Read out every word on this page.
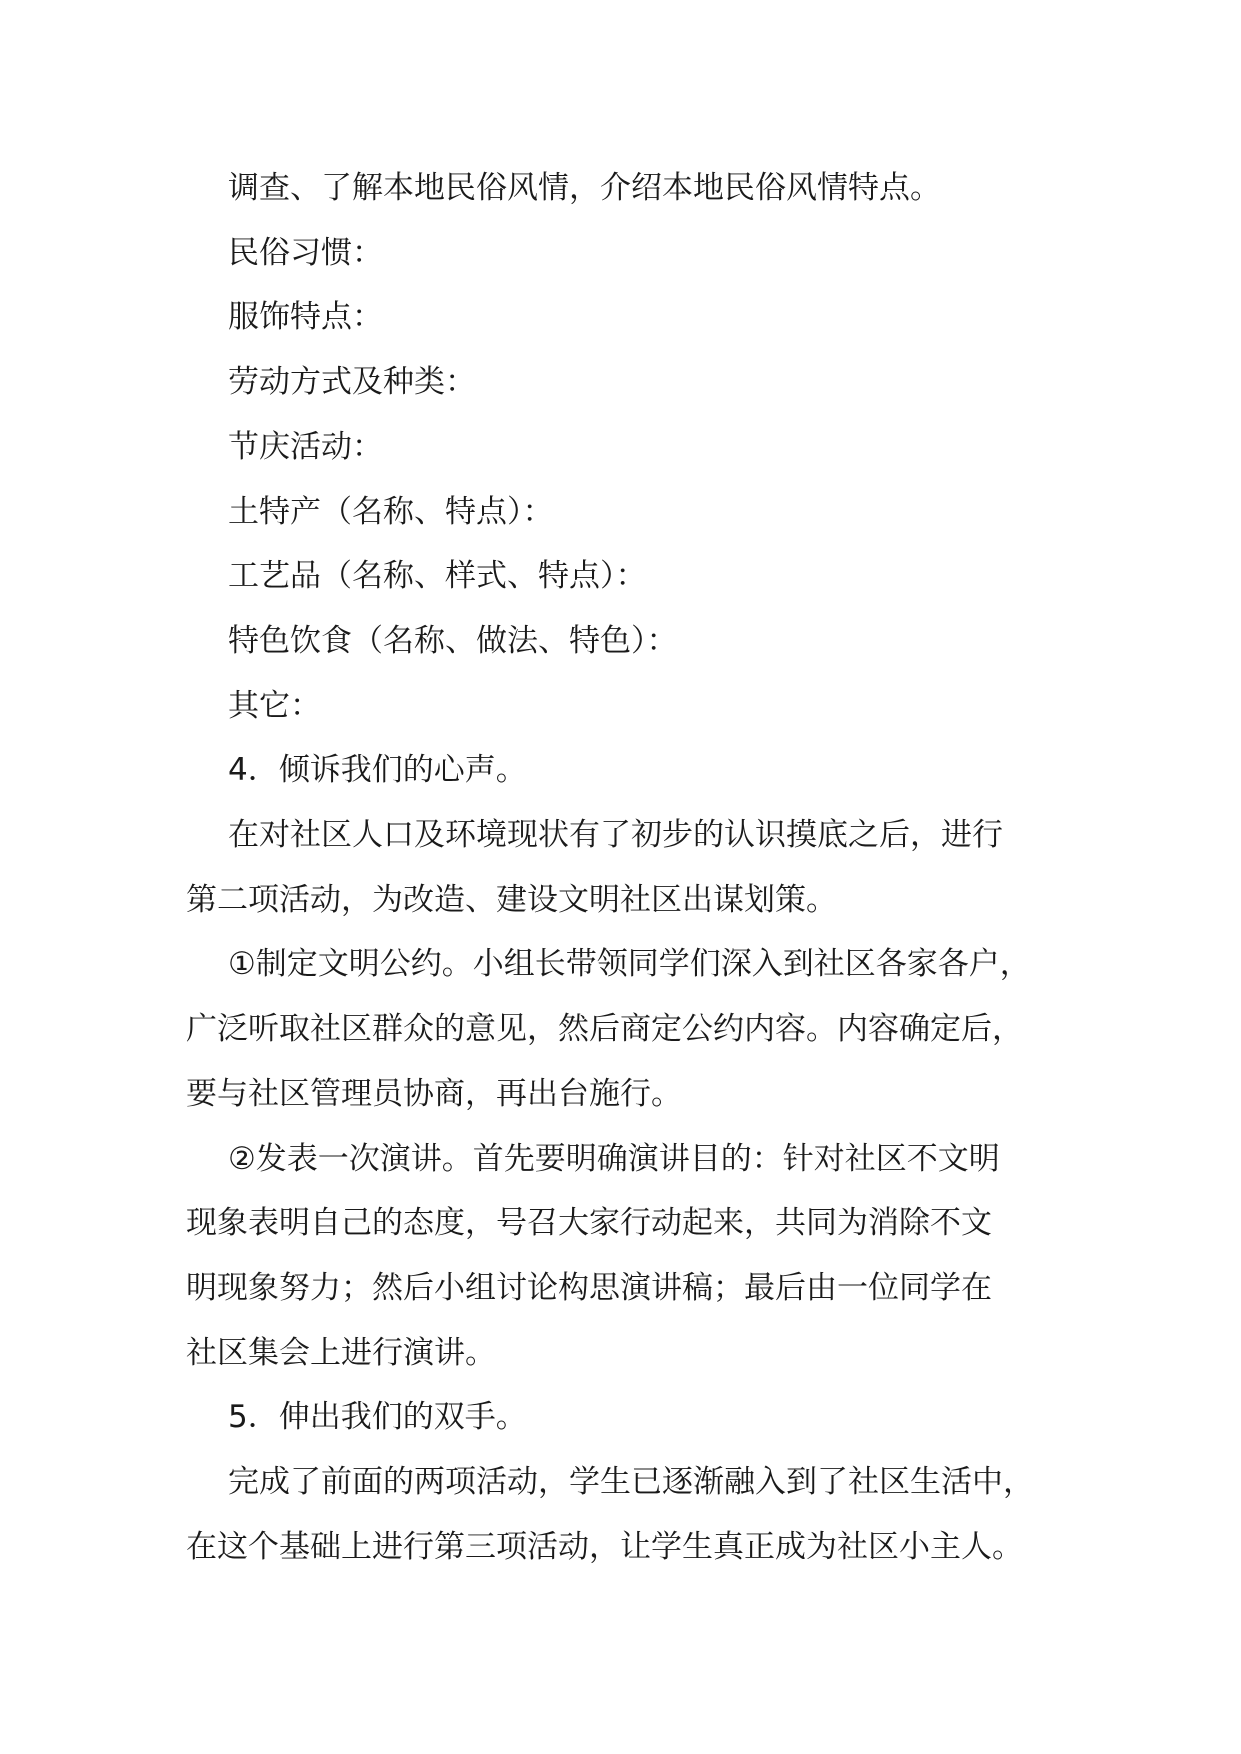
调查、了解本地民俗风情，介绍本地民俗风情特点。

民俗习惯：

服饰特点：

劳动方式及种类：

节庆活动：

土特产（名称、特点）：

工艺品（名称、样式、特点）：

特色饮食（名称、做法、特色）：

其它：

4．倾诉我们的心声。

在对社区人口及环境现状有了初步的认识摸底之后，进行
第二项活动，为改造、建设文明社区出谋划策。

①制定文明公约。小组长带领同学们深入到社区各家各户，
广泛听取社区群众的意见，然后商定公约内容。内容确定后，
要与社区管理员协商，再出台施行。

②发表一次演讲。首先要明确演讲目的：针对社区不文明
现象表明自己的态度，号召大家行动起来，共同为消除不文
明现象努力；然后小组讨论构思演讲稿；最后由一位同学在
社区集会上进行演讲。

5．伸出我们的双手。

完成了前面的两项活动，学生已逐渐融入到了社区生活中，
在这个基础上进行第三项活动，让学生真正成为社区小主人。
